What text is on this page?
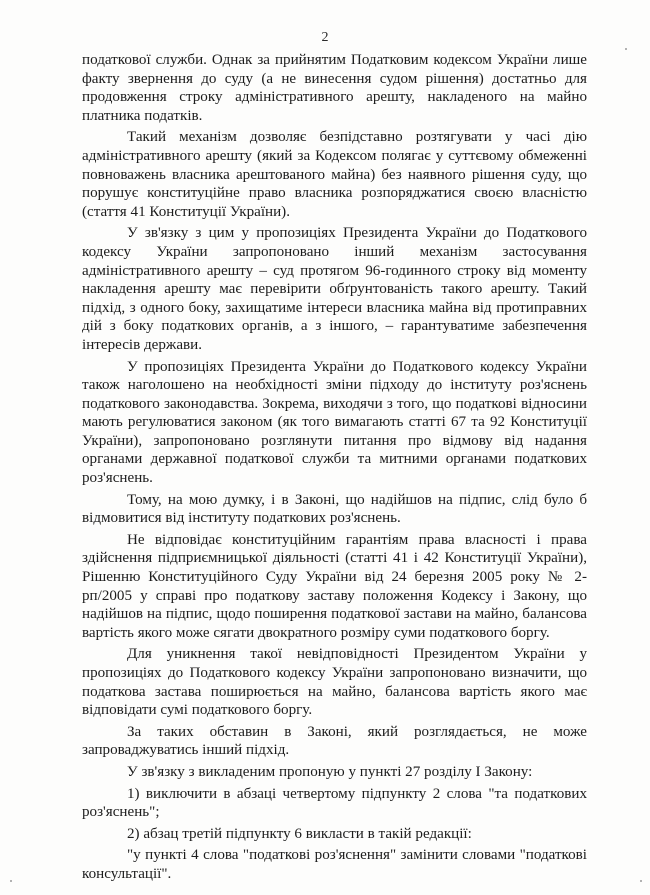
2

податкової служби. Однак за прийнятим Податковим кодексом України лише факту звернення до суду (а не винесення судом рішення) достатньо для продовження строку адміністративного арешту, накладеного на майно платника податків.

Такий механізм дозволяє безпідставно розтягувати у часі дію адміністративного арешту (який за Кодексом полягає у суттєвому обмеженні повноважень власника арештованого майна) без наявного рішення суду, що порушує конституційне право власника розпоряджатися своєю власністю (стаття 41 Конституції України).

У зв'язку з цим у пропозиціях Президента України до Податкового кодексу України запропоновано інший механізм застосування адміністративного арешту – суд протягом 96-годинного строку від моменту накладення арешту має перевірити обґрунтованість такого арешту. Такий підхід, з одного боку, захищатиме інтереси власника майна від протиправних дій з боку податкових органів, а з іншого, – гарантуватиме забезпечення інтересів держави.

У пропозиціях Президента України до Податкового кодексу України також наголошено на необхідності зміни підходу до інституту роз'яснень податкового законодавства. Зокрема, виходячи з того, що податкові відносини мають регулюватися законом (як того вимагають статті 67 та 92 Конституції України), запропоновано розглянути питання про відмову від надання органами державної податкової служби та митними органами податкових роз'яснень.

Тому, на мою думку, і в Законі, що надійшов на підпис, слід було б відмовитися від інституту податкових роз'яснень.

Не відповідає конституційним гарантіям права власності і права здійснення підприємницької діяльності (статті 41 і 42 Конституції України), Рішенню Конституційного Суду України від 24 березня 2005 року № 2-рп/2005 у справі про податкову заставу положення Кодексу і Закону, що надійшов на підпис, щодо поширення податкової застави на майно, балансова вартість якого може сягати двократного розміру суми податкового боргу.

Для уникнення такої невідповідності Президентом України у пропозиціях до Податкового кодексу України запропоновано визначити, що податкова застава поширюється на майно, балансова вартість якого має відповідати сумі податкового боргу.

За таких обставин в Законі, який розглядається, не може запроваджуватись інший підхід.

У зв'язку з викладеним пропоную у пункті 27 розділу I Закону:

1) виключити в абзаці четвертому підпункту 2 слова "та податкових роз'яснень";

2) абзац третій підпункту 6 викласти в такій редакції:

"у пункті 4 слова "податкові роз'яснення" замінити словами "податкові консультації".
